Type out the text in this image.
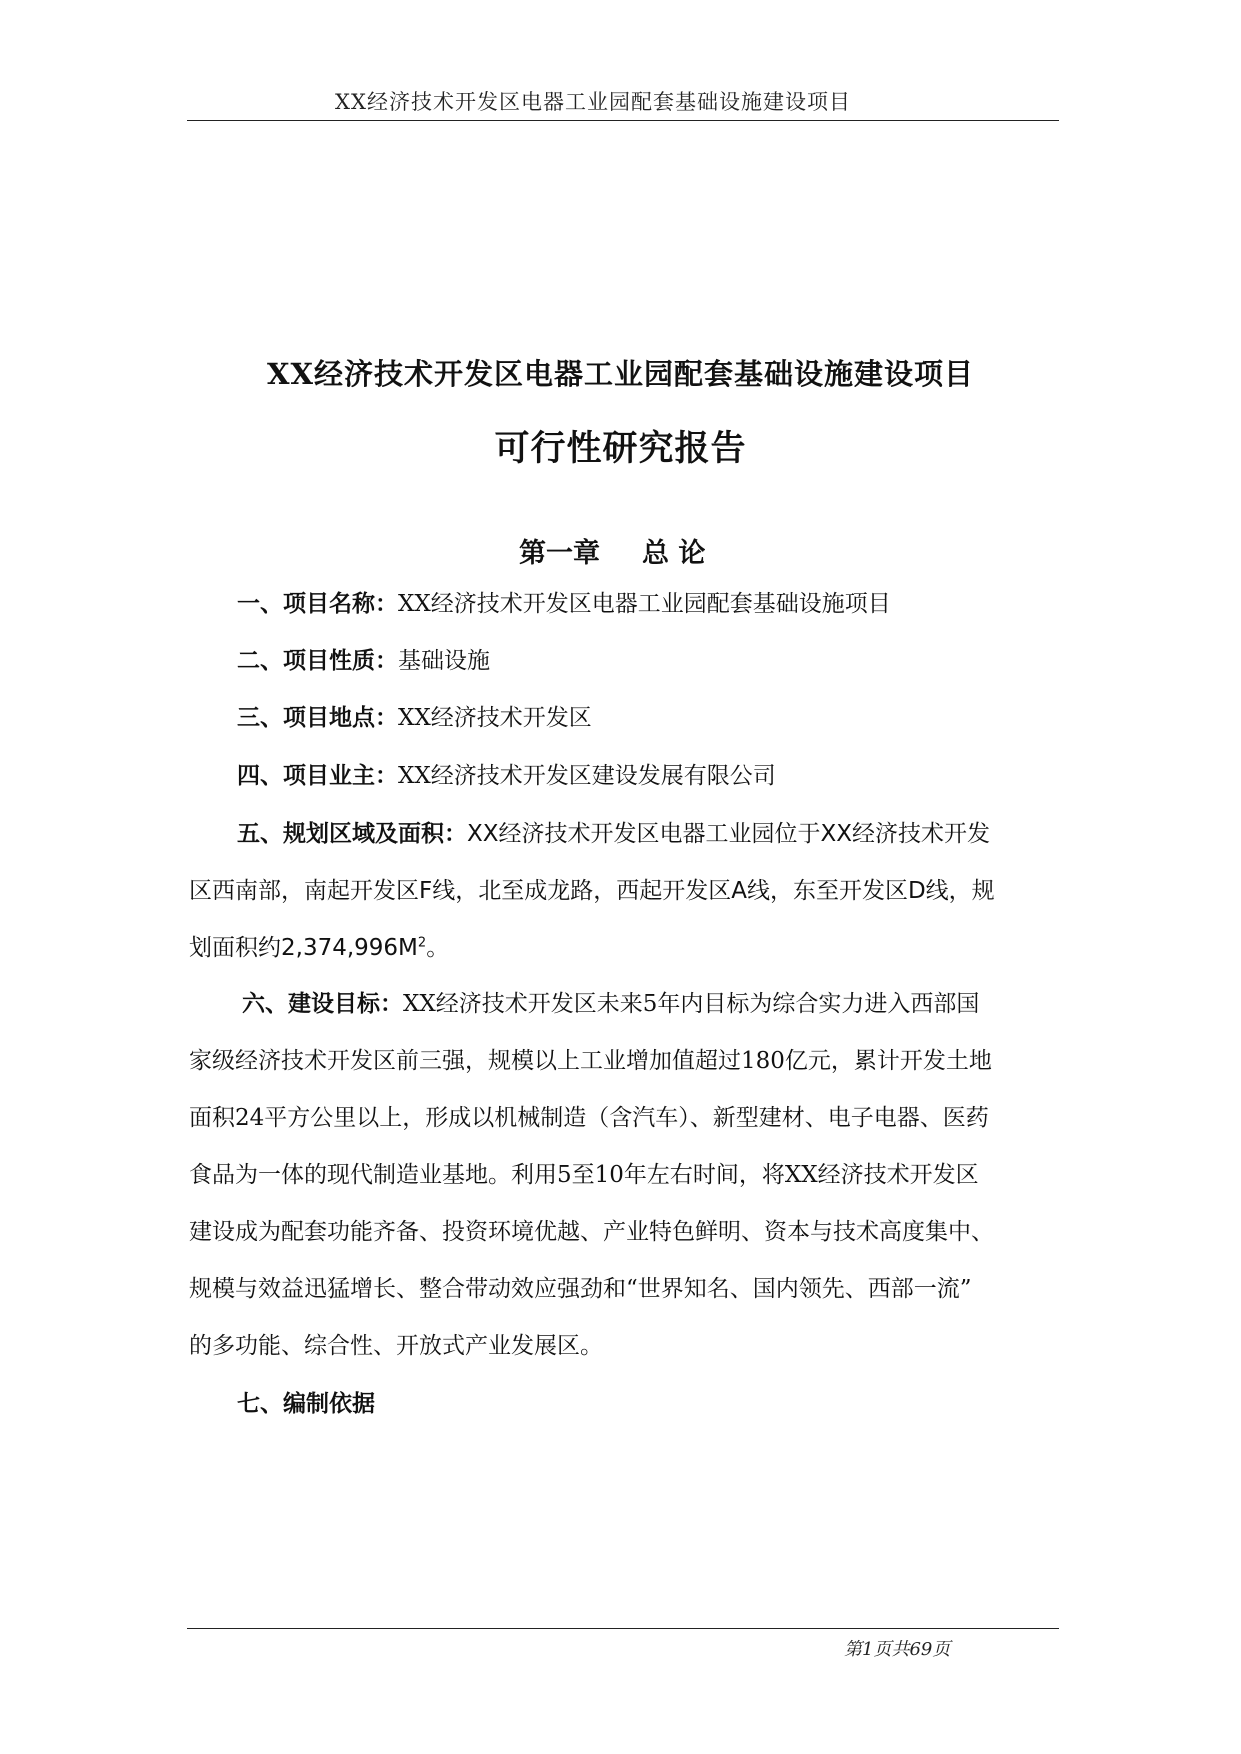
XX经济技术开发区电器工业园配套基础设施建设项目
XX经济技术开发区电器工业园配套基础设施建设项目
可行性研究报告
第一章 总 论
一、项目名称：XX经济技术开发区电器工业园配套基础设施项目
二、项目性质：基础设施
三、项目地点：XX经济技术开发区
四、项目业主：XX经济技术开发区建设发展有限公司
五、规划区域及面积：XX经济技术开发区电器工业园位于XX经济技术开发
区西南部，南起开发区F线，北至成龙路，西起开发区A线，东至开发区D线，规
划面积约$2,374,996M^2$。
六、建设目标：XX经济技术开发区未来5年内目标为综合实力进入西部国
家级经济技术开发区前三强，规模以上工业增加值超过180亿元，累计开发土地
面积24平方公里以上，形成以机械制造（含汽车）、新型建材、电子电器、医药
食品为一体的现代制造业基地。利用5至10年左右时间，将XX经济技术开发区
建设成为配套功能齐备、投资环境优越、产业特色鲜明、资本与技术高度集中、
规模与效益迅猛增长、整合带动效应强劲和“世界知名、国内领先、西部一流”
的多功能、综合性、开放式产业发展区。
七、编制依据
第1页共69页
